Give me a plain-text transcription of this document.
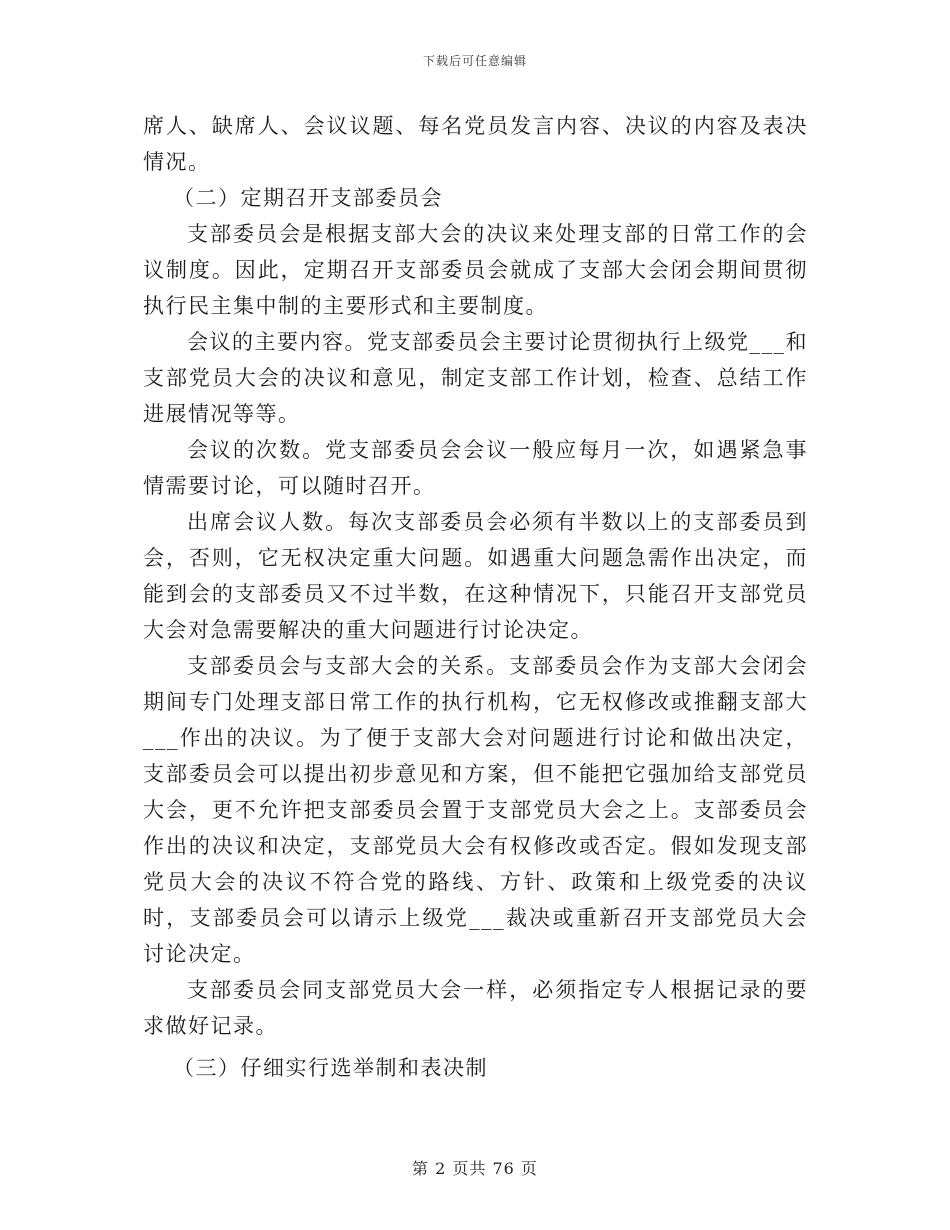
下载后可任意编辑

席人、缺席人、会议议题、每名党员发言内容、决议的内容及表决情况。

（二）定期召开支部委员会

支部委员会是根据支部大会的决议来处理支部的日常工作的会议制度。因此，定期召开支部委员会就成了支部大会闭会期间贯彻执行民主集中制的主要形式和主要制度。

会议的主要内容。党支部委员会主要讨论贯彻执行上级党___和支部党员大会的决议和意见，制定支部工作计划，检查、总结工作进展情况等等。

会议的次数。党支部委员会会议一般应每月一次，如遇紧急事情需要讨论，可以随时召开。

出席会议人数。每次支部委员会必须有半数以上的支部委员到会，否则，它无权决定重大问题。如遇重大问题急需作出决定，而能到会的支部委员又不过半数，在这种情况下，只能召开支部党员大会对急需要解决的重大问题进行讨论决定。

支部委员会与支部大会的关系。支部委员会作为支部大会闭会期间专门处理支部日常工作的执行机构，它无权修改或推翻支部大___作出的决议。为了便于支部大会对问题进行讨论和做出决定，支部委员会可以提出初步意见和方案，但不能把它强加给支部党员大会，更不允许把支部委员会置于支部党员大会之上。支部委员会作出的决议和决定，支部党员大会有权修改或否定。假如发现支部党员大会的决议不符合党的路线、方针、政策和上级党委的决议时，支部委员会可以请示上级党___裁决或重新召开支部党员大会讨论决定。

支部委员会同支部党员大会一样，必须指定专人根据记录的要求做好记录。

（三）仔细实行选举制和表决制

第 2 页共 76 页
